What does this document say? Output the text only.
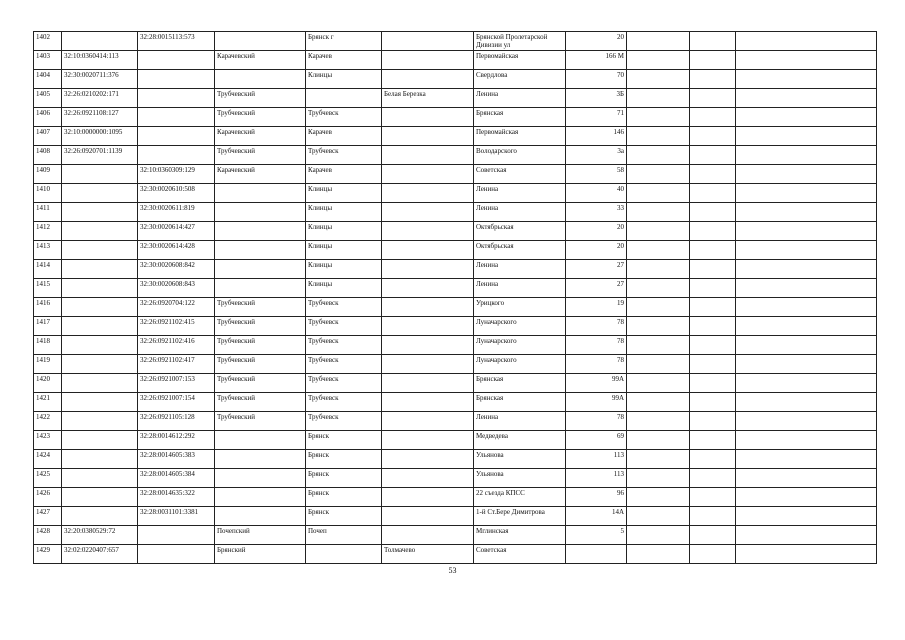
1402		32:28:0015113:573		Брянск г		Брянской Пролетарской Дивизии ул	20			
1403	32:10:0360414:113		Карачевский	Карачев		Первомайская	166 М			
1404	32:30:0020711:376			Клинцы		Свердлова	70			
1405	32:26:0210202:171		Трубчевский		Белая Березка	Ленина	3Б			
1406	32:26:0921108:127		Трубчевский	Трубчевск		Брянская	71			
1407	32:10:0000000:1095		Карачевский	Карачев		Первомайская	146			
1408	32:26:0920701:1139		Трубчевский	Трубчевск		Володарского	3а			
1409		32:10:0360309:129	Карачевский	Карачев		Советская	58			
1410		32:30:0020610:508		Клинцы		Ленина	40			
1411		32:30:0020611:819		Клинцы		Ленина	33			
1412		32:30:0020614:427		Клинцы		Октябрьская	20			
1413		32:30:0020614:428		Клинцы		Октябрьская	20			
1414		32:30:0020608:842		Клинцы		Ленина	27			
1415		32:30:0020608:843		Клинцы		Ленина	27			
1416		32:26:0920704:122	Трубчевский	Трубчевск		Урицкого	19			
1417		32:26:0921102:415	Трубчевский	Трубчевск		Луначарского	78			
1418		32:26:0921102:416	Трубчевский	Трубчевск		Луначарского	78			
1419		32:26:0921102:417	Трубчевский	Трубчевск		Луначарского	78			
1420		32:26:0921007:153	Трубчевский	Трубчевск		Брянская	99А			
1421		32:26:0921007:154	Трубчевский	Трубчевск		Брянская	99А			
1422		32:26:0921105:128	Трубчевский	Трубчевск		Ленина	78			
1423		32:28:0014612:292		Брянск		Медведева	69			
1424		32:28:0014605:383		Брянск		Ульянова	113			
1425		32:28:0014605:384		Брянск		Ульянова	113			
1426		32:28:0014635:322		Брянск		22 съезда КПСС	96			
1427		32:28:0031101:3381		Брянск		1-й Ст.Бере Димитрова	14А			
1428	32:20:0380529:72		Почепский	Почеп		Мглинская	5			
1429	32:02:0220407:657		Брянский		Толмачево	Советская				
53
